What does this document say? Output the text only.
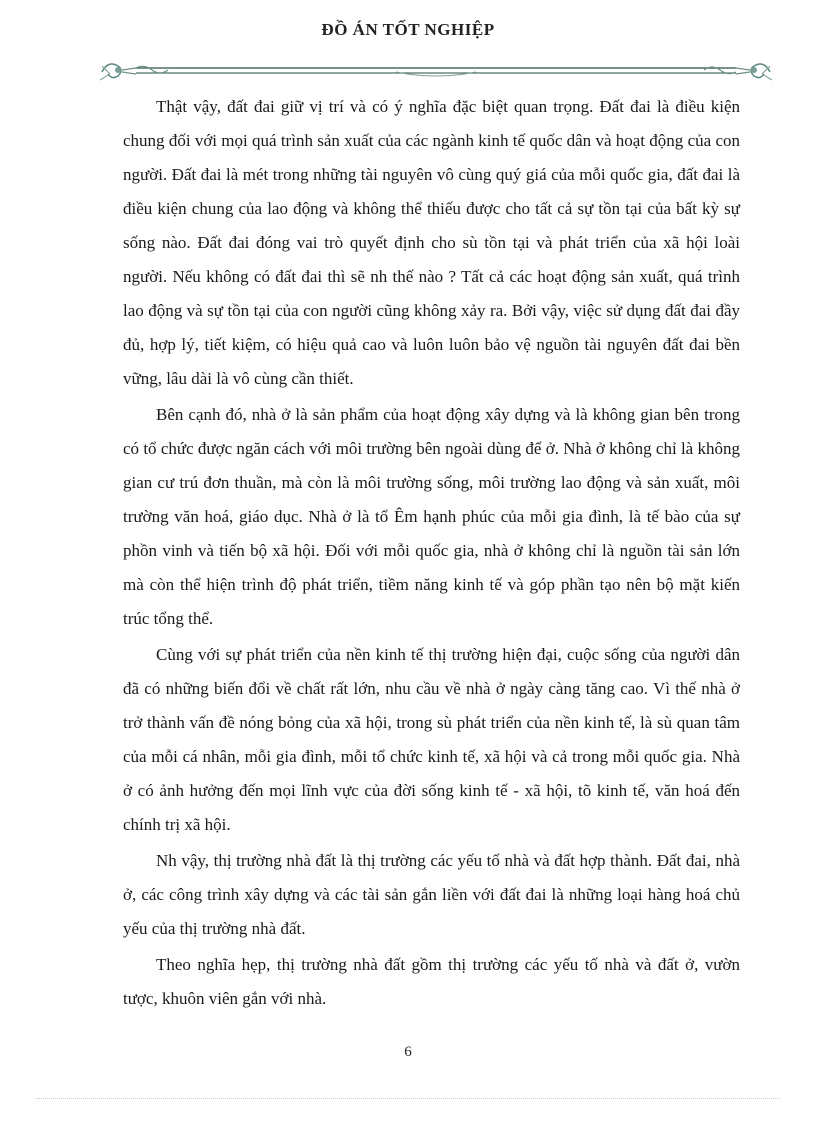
ĐỒ ÁN TỐT NGHIỆP

Thật vậy, đất đai giữ vị trí và có ý nghĩa đặc biệt quan trọng. Đất đai là điều kiện chung đối với mọi quá trình sản xuất của các ngành kinh tế quốc dân và hoạt động của con người. Đất đai là mét trong những tài nguyên vô cùng quý giá của mỗi quốc gia, đất đai là điều kiện chung của lao động và không thể thiếu được cho tất cả sự tồn tại của bất kỳ sự sống nào. Đất đai đóng vai trò quyết định cho sù tồn tại và phát triển của xã hội loài người. Nếu không có đất đai thì sẽ nh thế nào ? Tất cả các hoạt động sản xuất, quá trình lao động và sự tồn tại của con người cũng không xảy ra. Bởi vậy, việc sử dụng đất đai đầy đủ, hợp lý, tiết kiệm, có hiệu quả cao và luôn luôn bảo vệ nguồn tài nguyên đất đai bền vững, lâu dài là vô cùng cần thiết.

Bên cạnh đó, nhà ở là sản phẩm của hoạt động xây dựng và là không gian bên trong có tổ chức được ngăn cách với môi trường bên ngoài dùng để ở. Nhà ở không chỉ là không gian cư trú đơn thuần, mà còn là môi trường sống, môi trường lao động và sản xuất, môi trường văn hoá, giáo dục. Nhà ở là tổ Êm hạnh phúc của mỗi gia đình, là tế bào của sự phồn vinh và tiến bộ xã hội. Đối với mỗi quốc gia, nhà ở không chỉ là nguồn tài sản lớn mà còn thể hiện trình độ phát triển, tiềm năng kinh tế và góp phần tạo nên bộ mặt kiến trúc tổng thể.

Cùng với sự phát triển của nền kinh tế thị trường hiện đại, cuộc sống của người dân đã có những biến đổi về chất rất lớn, nhu cầu về nhà ở ngày càng tăng cao. Vì thế nhà ở trở thành vấn đề nóng bỏng của xã hội, trong sù phát triển của nền kinh tế, là sù quan tâm của mỗi cá nhân, mỗi gia đình, mỗi tổ chức kinh tế, xã hội và cả trong mỗi quốc gia. Nhà ở có ảnh hưởng đến mọi lĩnh vực của đời sống kinh tế - xã hội, tõ kinh tế, văn hoá đến chính trị xã hội.

Nh vậy, thị trường nhà đất là thị trường các yếu tố nhà và đất hợp thành. Đất đai, nhà ở, các công trình xây dựng và các tài sản gắn liền với đất đai là những loại hàng hoá chủ yếu của thị trường nhà đất.

Theo nghĩa hẹp, thị trường nhà đất gồm thị trường các yếu tố nhà và đất ở, vườn tược, khuôn viên gắn với nhà.

6
